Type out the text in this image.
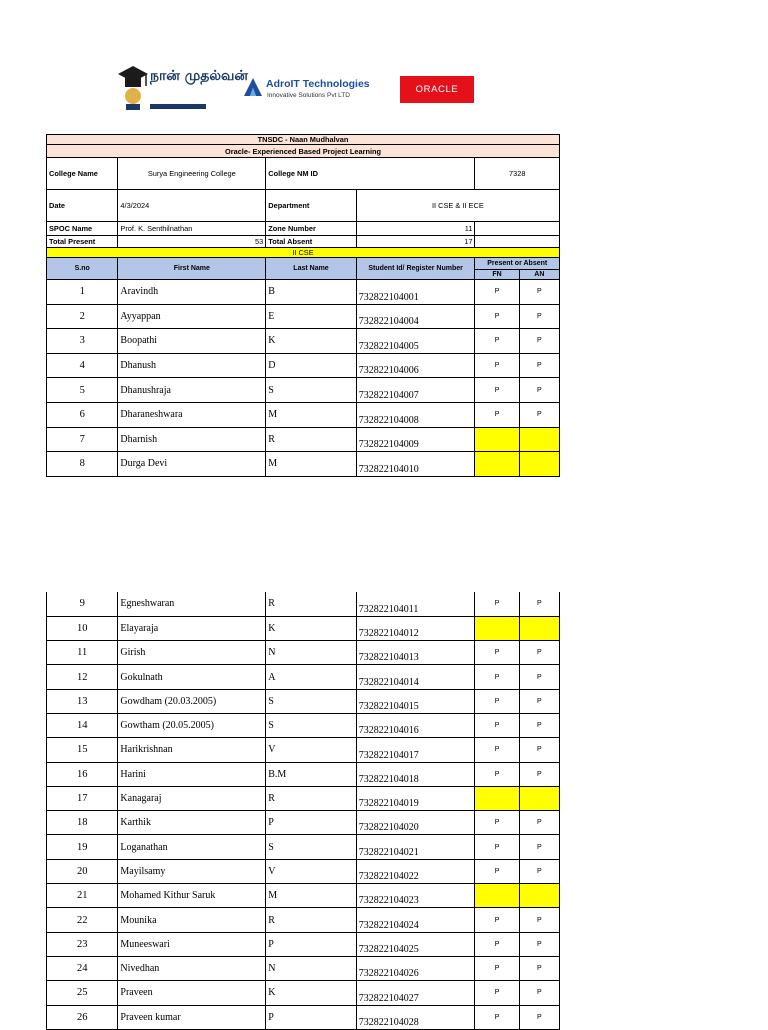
நான் முதல்வன் AdroIT Technologies
Innovative Solutions Pvt LTD
ORACLE
TNSDC - Naan Mudhalvan					
Oracle- Experienced Based Project Learning					
College Name	Surya Engineering College	College NM ID		7328	
Date	4/3/2024	Department	II CSE & II ECE		
SPOC Name	Prof. K. Senthilnathan	Zone Number	11		
Total Present	53	Total Absent	17		
II CSE					
S.no	First Name	Last Name	Student Id/ Register Number	Present or Absent	
				FN	AN
1	Aravindh	B	732822104001	P	P
2	Ayyappan	E	732822104004	P	P
3	Boopathi	K	732822104005	P	P
4	Dhanush	D	732822104006	P	P
5	Dhanushraja	S	732822104007	P	P
6	Dharaneshwara	M	732822104008	P	P
7	Dharnish	R	732822104009		
8	Durga Devi	M	732822104010		
9	Egneshwaran	R	732822104011	P	P
10	Elayaraja	K	732822104012		
11	Girish	N	732822104013	P	P
12	Gokulnath	A	732822104014	P	P
13	Gowdham (20.03.2005)	S	732822104015	P	P
14	Gowtham (20.05.2005)	S	732822104016	P	P
15	Harikrishnan	V	732822104017	P	P
16	Harini	B.M	732822104018	P	P
17	Kanagaraj	R	732822104019		
18	Karthik	P	732822104020	P	P
19	Loganathan	S	732822104021	P	P
20	Mayilsamy	V	732822104022	P	P
21	Mohamed Kithur Saruk	M	732822104023		
22	Mounika	R	732822104024	P	P
23	Muneeswari	P	732822104025	P	P
24	Nivedhan	N	732822104026	P	P
25	Praveen	K	732822104027	P	P
26	Praveen kumar	P	732822104028	P	P
